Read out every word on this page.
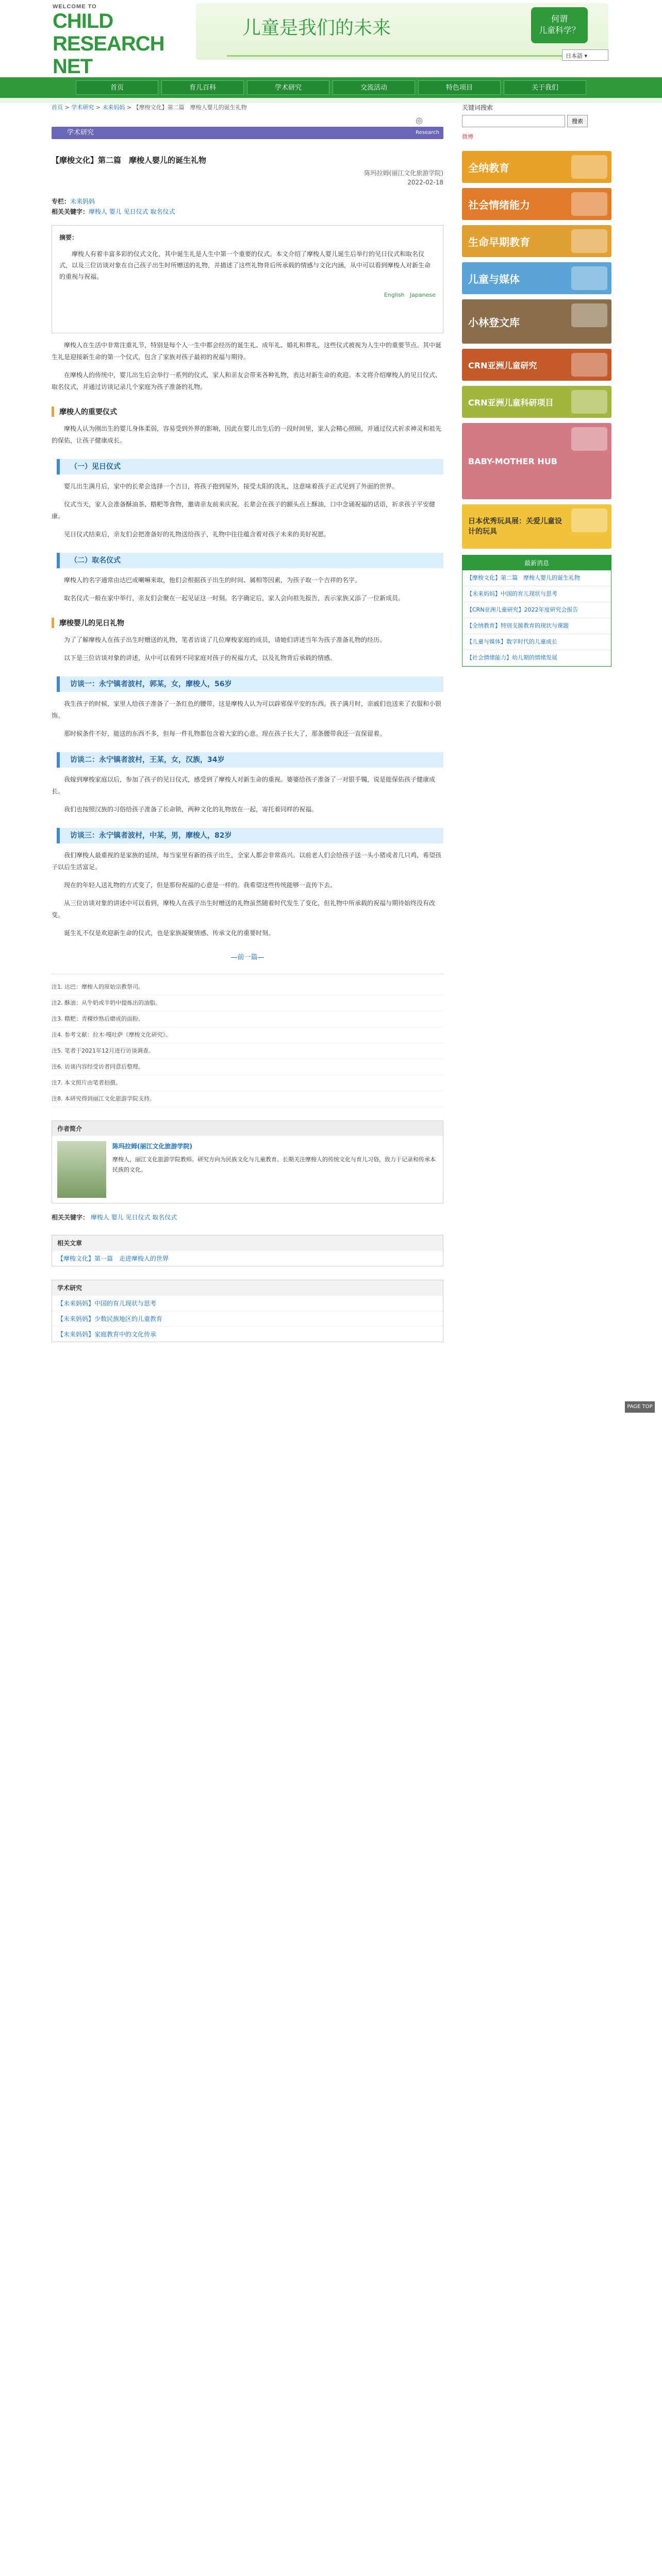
WELCOME TO
CHILD RESEARCH NET
儿童是我们的未来	何谓
儿童科学？
日本語 ▾
首页	育儿百科	学术研究	交流活动	特色项目	关于我们
首页 > 学术研究 > 未来妈妈 > 【摩梭文化】第二篇　摩梭人婴儿的诞生礼物
◎
学术研究	Research
【摩梭文化】第二篇　摩梭人婴儿的诞生礼物
陈玛拉姆(丽江文化旅游学院)
2022-02-18
专栏：未来妈妈
相关关键字：摩梭人 婴儿 见日仪式 取名仪式
摘要：
摩梭人有着丰富多彩的仪式文化，其中诞生礼是人生中第一个重要的仪式。本文介绍了摩梭人婴儿诞生后举行的见日仪式和取名仪式，以及三位访谈对象在自己孩子出生时所赠送的礼物，并描述了这些礼物背后所承载的情感与文化内涵，从中可以看到摩梭人对新生命的重视与祝福。
English Japanese

摩梭人在生活中非常注重礼节，特别是每个人一生中都会经历的诞生礼、成年礼、婚礼和葬礼，这些仪式被视为人生中的重要节点。其中诞生礼是迎接新生命的第一个仪式，包含了家族对孩子最初的祝福与期待。

在摩梭人的传统中，婴儿出生后会举行一系列的仪式，家人和亲友会带来各种礼物，表达对新生命的欢迎。本文将介绍摩梭人的见日仪式、取名仪式，并通过访谈记录几个家庭为孩子准备的礼物。

摩梭人的重要仪式

摩梭人认为刚出生的婴儿身体柔弱，容易受到外界的影响，因此在婴儿出生后的一段时间里，家人会精心照顾，并通过仪式祈求神灵和祖先的保佑，让孩子健康成长。

（一）见日仪式

婴儿出生满月后，家中的长辈会选择一个吉日，将孩子抱到屋外，接受太阳的洗礼，这意味着孩子正式见到了外面的世界。

仪式当天，家人会准备酥油茶、糌粑等食物，邀请亲友前来庆祝。长辈会在孩子的额头点上酥油，口中念诵祝福的话语，祈求孩子平安健康。

见日仪式结束后，亲友们会把准备好的礼物送给孩子，礼物中往往蕴含着对孩子未来的美好祝愿。

（二）取名仪式

摩梭人的名字通常由达巴或喇嘛来取，他们会根据孩子出生的时间、属相等因素，为孩子取一个吉祥的名字。

取名仪式一般在家中举行，亲友们会聚在一起见证这一时刻。名字确定后，家人会向祖先报告，表示家族又添了一位新成员。

摩梭婴儿的见日礼物

为了了解摩梭人在孩子出生时赠送的礼物，笔者访谈了几位摩梭家庭的成员，请她们讲述当年为孩子准备礼物的经历。

以下是三位访谈对象的讲述，从中可以看到不同家庭对孩子的祝福方式，以及礼物背后承载的情感。

访谈一：永宁镇者波村，郭某，女，摩梭人，56岁

我生孩子的时候，家里人给孩子准备了一条红色的腰带，这是摩梭人认为可以辟邪保平安的东西。孩子满月时，亲戚们也送来了衣服和小银饰。

那时候条件不好，能送的东西不多，但每一件礼物都包含着大家的心意。现在孩子长大了，那条腰带我还一直保留着。

访谈二：永宁镇者波村，王某，女，汉族，34岁

我嫁到摩梭家庭以后，参加了孩子的见日仪式，感受到了摩梭人对新生命的重视。婆婆给孩子准备了一对银手镯，说是能保佑孩子健康成长。

我们也按照汉族的习俗给孩子准备了长命锁，两种文化的礼物放在一起，寄托着同样的祝福。

访谈三：永宁镇者波村，中某，男，摩梭人，82岁

我们摩梭人最重视的是家族的延续，每当家里有新的孩子出生，全家人都会非常高兴。以前老人们会给孩子送一头小猪或者几只鸡，希望孩子以后生活富足。

现在的年轻人送礼物的方式变了，但是那份祝福的心意是一样的。我希望这些传统能够一直传下去。

从三位访谈对象的讲述中可以看到，摩梭人在孩子出生时赠送的礼物虽然随着时代发生了变化，但礼物中所承载的祝福与期待始终没有改变。

诞生礼不仅是欢迎新生命的仪式，也是家族凝聚情感、传承文化的重要时刻。

—前一篇—
注1. 达巴：摩梭人的原始宗教祭司。
注2. 酥油：从牛奶或羊奶中提炼出的油脂。
注3. 糌粑：青稞炒熟后磨成的面粉。
注4. 参考文献：拉木·嘎吐萨《摩梭文化研究》。
注5. 笔者于2021年12月进行访谈调查。
注6. 访谈内容经受访者同意后整理。
注7. 本文照片由笔者拍摄。
注8. 本研究得到丽江文化旅游学院支持。
作者简介
陈玛拉姆(丽江文化旅游学院)
摩梭人，丽江文化旅游学院教师。研究方向为民族文化与儿童教育。长期关注摩梭人的传统文化与育儿习俗，致力于记录和传承本民族的文化。
相关关键字： 摩梭人 婴儿 见日仪式 取名仪式
相关文章
【摩梭文化】第一篇　走进摩梭人的世界
学术研究
【未来妈妈】中国的育儿现状与思考
【未来妈妈】少数民族地区的儿童教育
【未来妈妈】家庭教育中的文化传承
关键词搜索
搜索
微博
全纳教育
社会情绪能力
生命早期教育
儿童与媒体
小林登文库
CRN亚洲儿童研究
CRN亚洲儿童科研项目
BABY-MOTHER HUB
日本优秀玩具展：关爱儿童设计的玩具
最新消息
【摩梭文化】第二篇　摩梭人婴儿的诞生礼物
【未来妈妈】中国的育儿现状与思考
【CRN亚洲儿童研究】2022年度研究会报告
【全纳教育】特别支援教育的现状与课题
【儿童与媒体】数字时代的儿童成长
【社会情绪能力】幼儿期的情绪发展
PAGE TOP
